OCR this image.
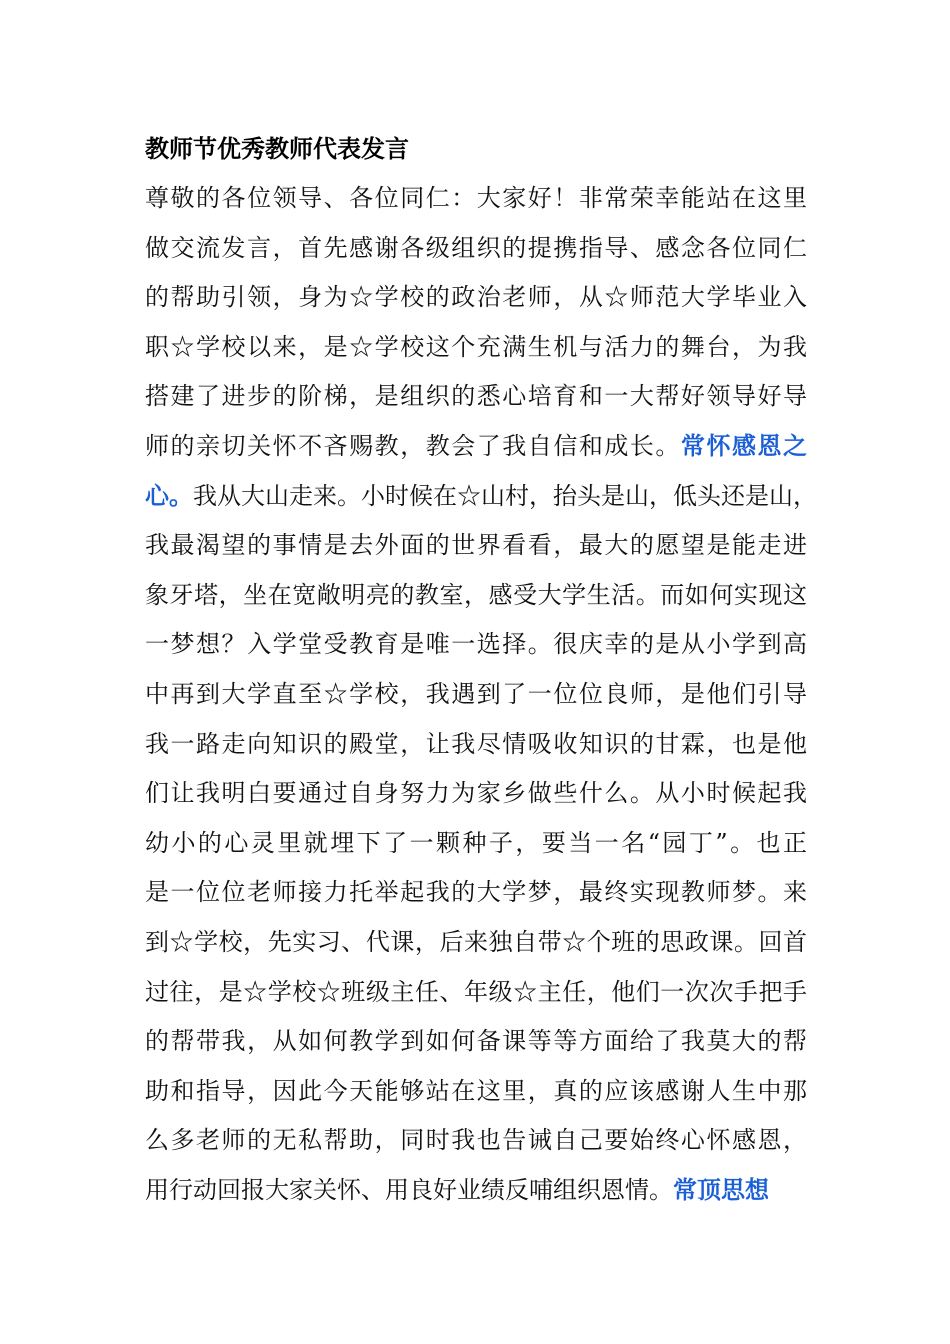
教师节优秀教师代表发言
尊敬的各位领导、各位同仁：大家好！非常荣幸能站在这里
做交流发言，首先感谢各级组织的提携指导、感念各位同仁
的帮助引领，身为☆学校的政治老师，从☆师范大学毕业入
职☆学校以来，是☆学校这个充满生机与活力的舞台，为我
搭建了进步的阶梯，是组织的悉心培育和一大帮好领导好导
师的亲切关怀不吝赐教，教会了我自信和成长。常怀感恩之
心。我从大山走来。小时候在☆山村，抬头是山，低头还是山，
我最渴望的事情是去外面的世界看看，最大的愿望是能走进
象牙塔，坐在宽敞明亮的教室，感受大学生活。而如何实现这
一梦想？入学堂受教育是唯一选择。很庆幸的是从小学到高
中再到大学直至☆学校，我遇到了一位位良师，是他们引导
我一路走向知识的殿堂，让我尽情吸收知识的甘霖，也是他
们让我明白要通过自身努力为家乡做些什么。从小时候起我
幼小的心灵里就埋下了一颗种子，要当一名“园丁”。也正
是一位位老师接力托举起我的大学梦，最终实现教师梦。来
到☆学校，先实习、代课，后来独自带☆个班的思政课。回首
过往，是☆学校☆班级主任、年级☆主任，他们一次次手把手
的帮带我，从如何教学到如何备课等等方面给了我莫大的帮
助和指导，因此今天能够站在这里，真的应该感谢人生中那
么多老师的无私帮助，同时我也告诫自己要始终心怀感恩，
用行动回报大家关怀、用良好业绩反哺组织恩情。常顶思想
